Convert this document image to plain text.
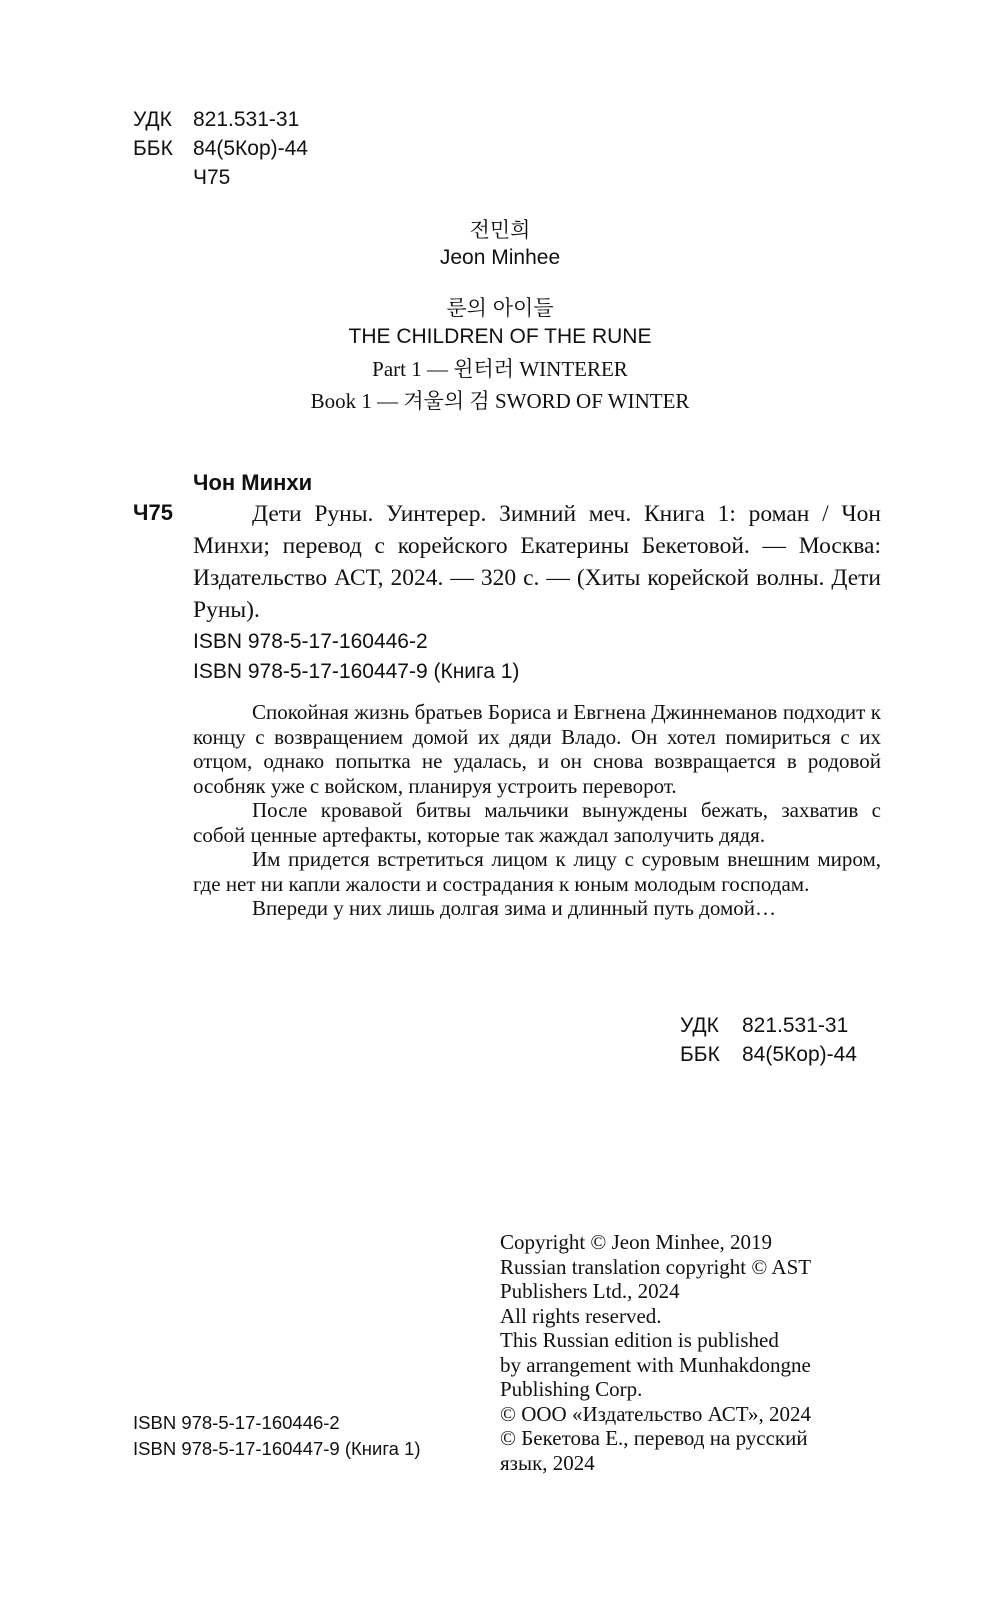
УДК 821.531-31
ББК 84(5Кор)-44
Ч75
전민희
Jeon Minhee
룬의 아이들
THE CHILDREN OF THE RUNE
Part 1 — 윈터러 WINTERER
Book 1 — 겨울의 검 SWORD OF WINTER
Чон Минхи
Ч75	Дети Руны. Уинтерер. Зимний меч. Книга 1: роман / Чон Минхи; перевод с корейского Екатерины Бекетовой. — Москва: Издательство АСТ, 2024. — 320 с. — (Хиты корейской волны. Дети Руны).

ISBN 978-5-17-160446-2
ISBN 978-5-17-160447-9 (Книга 1)

Спокойная жизнь братьев Бориса и Евгнена Джиннеманов подходит к концу с возвращением домой их дяди Владо. Он хотел помириться с их отцом, однако попытка не удалась, и он снова возвращается в родовой особняк уже с войском, планируя устроить переворот.

После кровавой битвы мальчики вынуждены бежать, захватив с собой ценные артефакты, которые так жаждал заполучить дядя.

Им придется встретиться лицом к лицу с суровым внешним миром, где нет ни капли жалости и сострадания к юным молодым господам.

Впереди у них лишь долгая зима и длинный путь домой…

УДК 821.531-31
ББК 84(5Кор)-44
Copyright © Jeon Minhee, 2019
Russian translation copyright © AST
Publishers Ltd., 2024
All rights reserved.
This Russian edition is published
by arrangement with Munhakdongne
Publishing Corp.
© ООО «Издательство АСТ», 2024
© Бекетова Е., перевод на русский
язык, 2024
ISBN 978-5-17-160446-2
ISBN 978-5-17-160447-9 (Книга 1)
